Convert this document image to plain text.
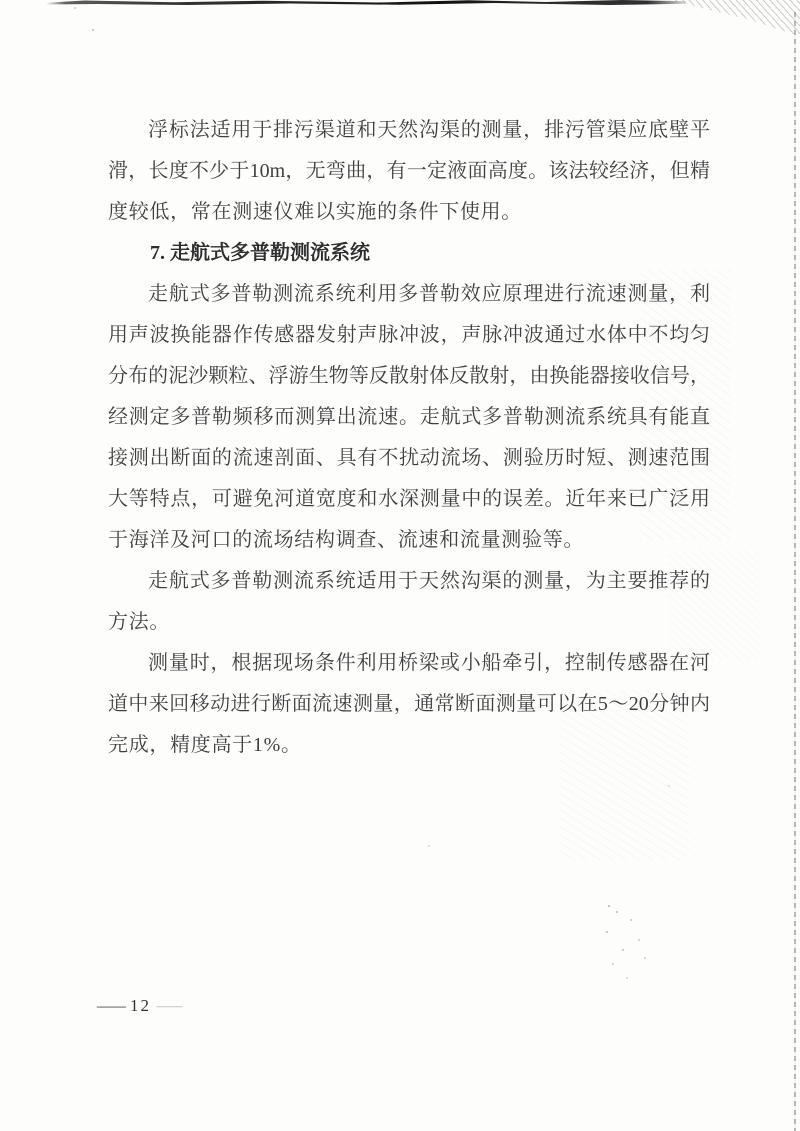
浮标法适用于排污渠道和天然沟渠的测量，排污管渠应底壁平
滑，长度不少于10m，无弯曲，有一定液面高度。该法较经济，但精
度较低，常在测速仪难以实施的条件下使用。
7. 走航式多普勒测流系统
走航式多普勒测流系统利用多普勒效应原理进行流速测量，利
用声波换能器作传感器发射声脉冲波，声脉冲波通过水体中不均匀
分布的泥沙颗粒、浮游生物等反散射体反散射，由换能器接收信号，
经测定多普勒频移而测算出流速。走航式多普勒测流系统具有能直
接测出断面的流速剖面、具有不扰动流场、测验历时短、测速范围
大等特点，可避免河道宽度和水深测量中的误差。近年来已广泛用
于海洋及河口的流场结构调查、流速和流量测验等。
走航式多普勒测流系统适用于天然沟渠的测量，为主要推荐的
方法。
测量时，根据现场条件利用桥梁或小船牵引，控制传感器在河
道中来回移动进行断面流速测量，通常断面测量可以在5～20分钟内
完成，精度高于1%。
— 12 —
